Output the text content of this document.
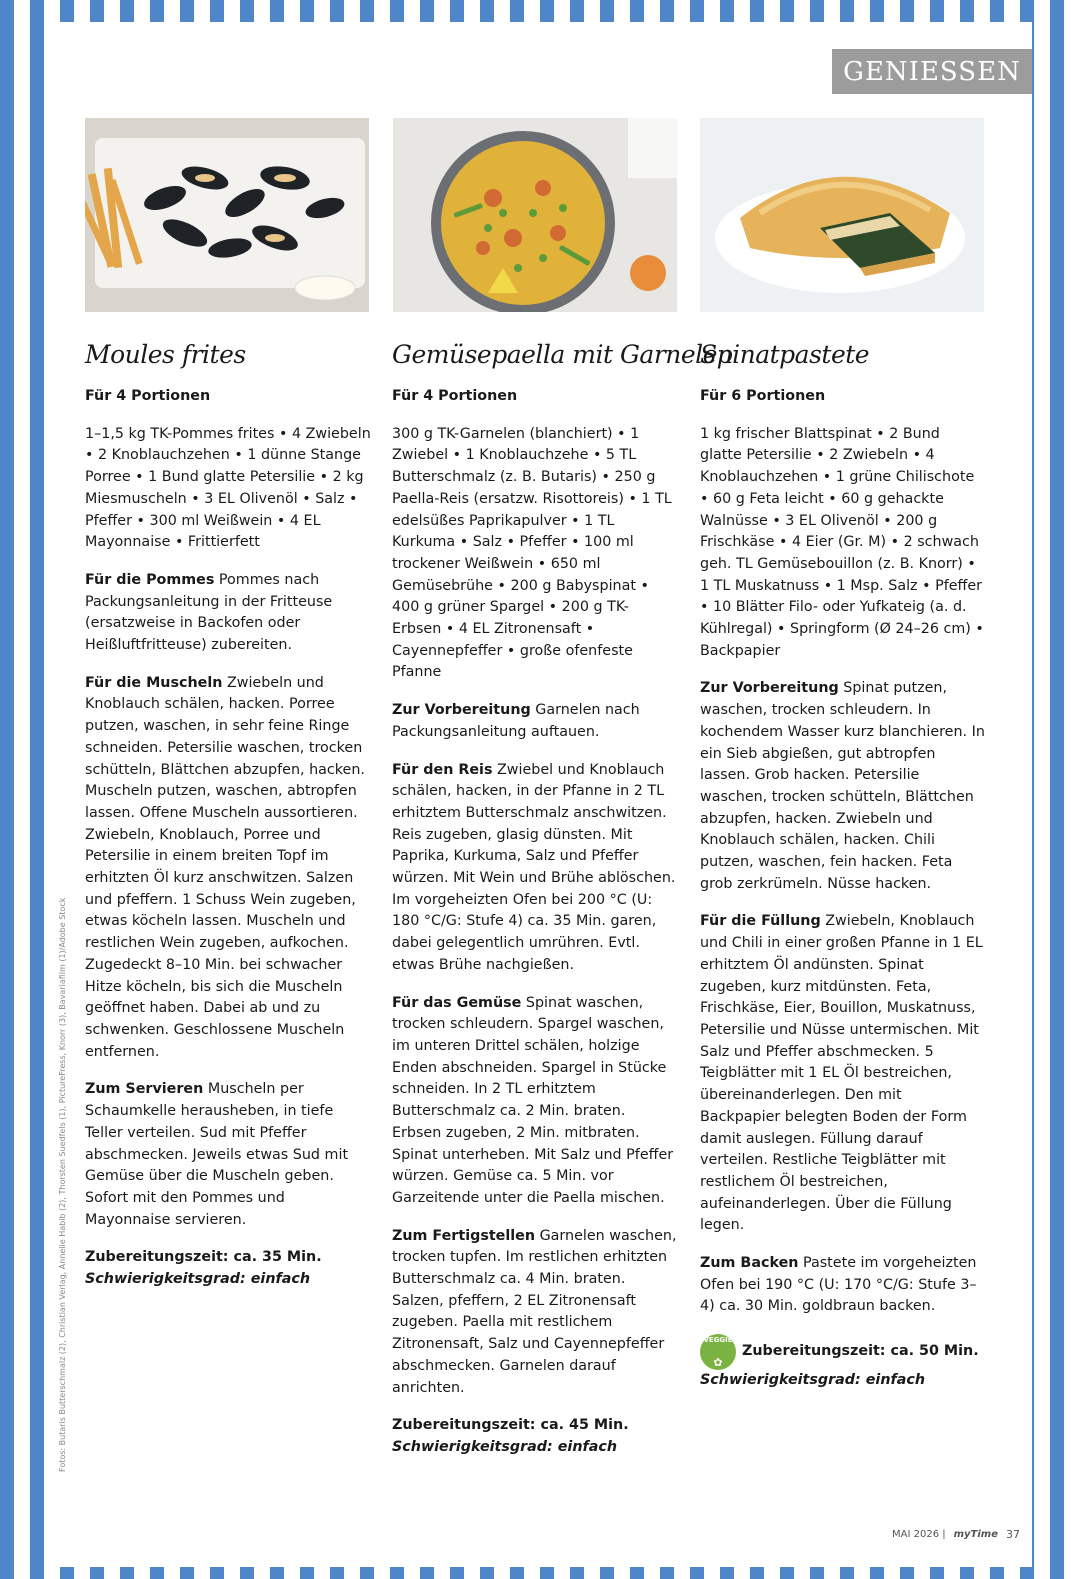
GENIESSEN
Moules frites

Für 4 Portionen

1–1,5 kg TK-Pommes frites • 4 Zwiebeln • 2 Knoblauchzehen • 1 dünne Stange Porree • 1 Bund glatte Petersilie • 2 kg Miesmuscheln • 3 EL Olivenöl • Salz • Pfeffer • 300 ml Weißwein • 4 EL Mayonnaise • Frittierfett

Für die Pommes Pommes nach Packungsanleitung in der Fritteuse (ersatzweise in Backofen oder Heißluftfritteuse) zubereiten.

Für die Muscheln Zwiebeln und Knoblauch schälen, hacken. Porree putzen, waschen, in sehr feine Ringe schneiden. Petersilie waschen, trocken schütteln, Blättchen abzupfen, hacken. Muscheln putzen, waschen, abtropfen lassen. Offene Muscheln aussortieren. Zwiebeln, Knoblauch, Porree und Petersilie in einem breiten Topf im erhitzten Öl kurz anschwitzen. Salzen und pfeffern. 1 Schuss Wein zugeben, etwas köcheln lassen. Muscheln und restlichen Wein zugeben, aufkochen. Zugedeckt 8–10 Min. bei schwacher Hitze köcheln, bis sich die Muscheln geöffnet haben. Dabei ab und zu schwenken. Geschlossene Muscheln entfernen.

Zum Servieren Muscheln per Schaumkelle herausheben, in tiefe Teller verteilen. Sud mit Pfeffer abschmecken. Jeweils etwas Sud mit Gemüse über die Muscheln geben. Sofort mit den Pommes und Mayonnaise servieren.

Zubereitungszeit: ca. 35 Min.

Schwierigkeitsgrad: einfach

Gemüsepaella mit Garnelen

Für 4 Portionen

300 g TK-Garnelen (blanchiert) • 1 Zwiebel • 1 Knoblauchzehe • 5 TL Butterschmalz (z. B. Butaris) • 250 g Paella-Reis (ersatzw. Risottoreis) • 1 TL edelsüßes Paprikapulver • 1 TL Kurkuma • Salz • Pfeffer • 100 ml trockener Weißwein • 650 ml Gemüsebrühe • 200 g Babyspinat • 400 g grüner Spargel • 200 g TK-Erbsen • 4 EL Zitronensaft • Cayennepfeffer • große ofenfeste Pfanne

Zur Vorbereitung Garnelen nach Packungsanleitung auftauen.

Für den Reis Zwiebel und Knoblauch schälen, hacken, in der Pfanne in 2 TL erhitztem Butterschmalz anschwitzen. Reis zugeben, glasig dünsten. Mit Paprika, Kurkuma, Salz und Pfeffer würzen. Mit Wein und Brühe ablöschen. Im vorgeheizten Ofen bei 200 °C (U: 180 °C/G: Stufe 4) ca. 35 Min. garen, dabei gelegentlich umrühren. Evtl. etwas Brühe nachgießen.

Für das Gemüse Spinat waschen, trocken schleudern. Spargel waschen, im unteren Drittel schälen, holzige Enden abschneiden. Spargel in Stücke schneiden. In 2 TL erhitztem Butterschmalz ca. 2 Min. braten. Erbsen zugeben, 2 Min. mitbraten. Spinat unterheben. Mit Salz und Pfeffer würzen. Gemüse ca. 5 Min. vor Garzeitende unter die Paella mischen.

Zum Fertigstellen Garnelen waschen, trocken tupfen. Im restlichen erhitzten Butterschmalz ca. 4 Min. braten. Salzen, pfeffern, 2 EL Zitronensaft zugeben. Paella mit restlichem Zitronensaft, Salz und Cayennepfeffer abschmecken. Garnelen darauf anrichten.

Zubereitungszeit: ca. 45 Min.

Schwierigkeitsgrad: einfach

Spinatpastete

Für 6 Portionen

1 kg frischer Blattspinat • 2 Bund glatte Petersilie • 2 Zwiebeln • 4 Knoblauchzehen • 1 grüne Chilischote • 60 g Feta leicht • 60 g gehackte Walnüsse • 3 EL Olivenöl • 200 g Frischkäse • 4 Eier (Gr. M) • 2 schwach geh. TL Gemüsebouillon (z. B. Knorr) • 1 TL Muskatnuss • 1 Msp. Salz • Pfeffer • 10 Blätter Filo- oder Yufkateig (a. d. Kühlregal) • Springform (Ø 24–26 cm) • Backpapier

Zur Vorbereitung Spinat putzen, waschen, trocken schleudern. In kochendem Wasser kurz blanchieren. In ein Sieb abgießen, gut abtropfen lassen. Grob hacken. Petersilie waschen, trocken schütteln, Blättchen abzupfen, hacken. Zwiebeln und Knoblauch schälen, hacken. Chili putzen, waschen, fein hacken. Feta grob zerkrümeln. Nüsse hacken.

Für die Füllung Zwiebeln, Knoblauch und Chili in einer großen Pfanne in 1 EL erhitztem Öl andünsten. Spinat zugeben, kurz mitdünsten. Feta, Frischkäse, Eier, Bouillon, Muskatnuss, Petersilie und Nüsse untermischen. Mit Salz und Pfeffer abschmecken. 5 Teigblätter mit 1 EL Öl bestreichen, übereinanderlegen. Den mit Backpapier belegten Boden der Form damit auslegen. Füllung darauf verteilen. Restliche Teigblätter mit restlichem Öl bestreichen, aufeinanderlegen. Über die Füllung legen.

Zum Backen Pastete im vorgeheizten Ofen bei 190 °C (U: 170 °C/G: Stufe 3–4) ca. 30 Min. goldbraun backen.

VEGGIE
✿

Zubereitungszeit: ca. 50 Min.

Schwierigkeitsgrad: einfach

Fotos: Butaris Butterschmalz (2), Christian Verlag, Annelie Habib (2), Thorsten Suedfels (1), PictureFress, Knorr (3), Bavariafilm (1)/Adobe Stock
MAI 2026 | myTime 37
